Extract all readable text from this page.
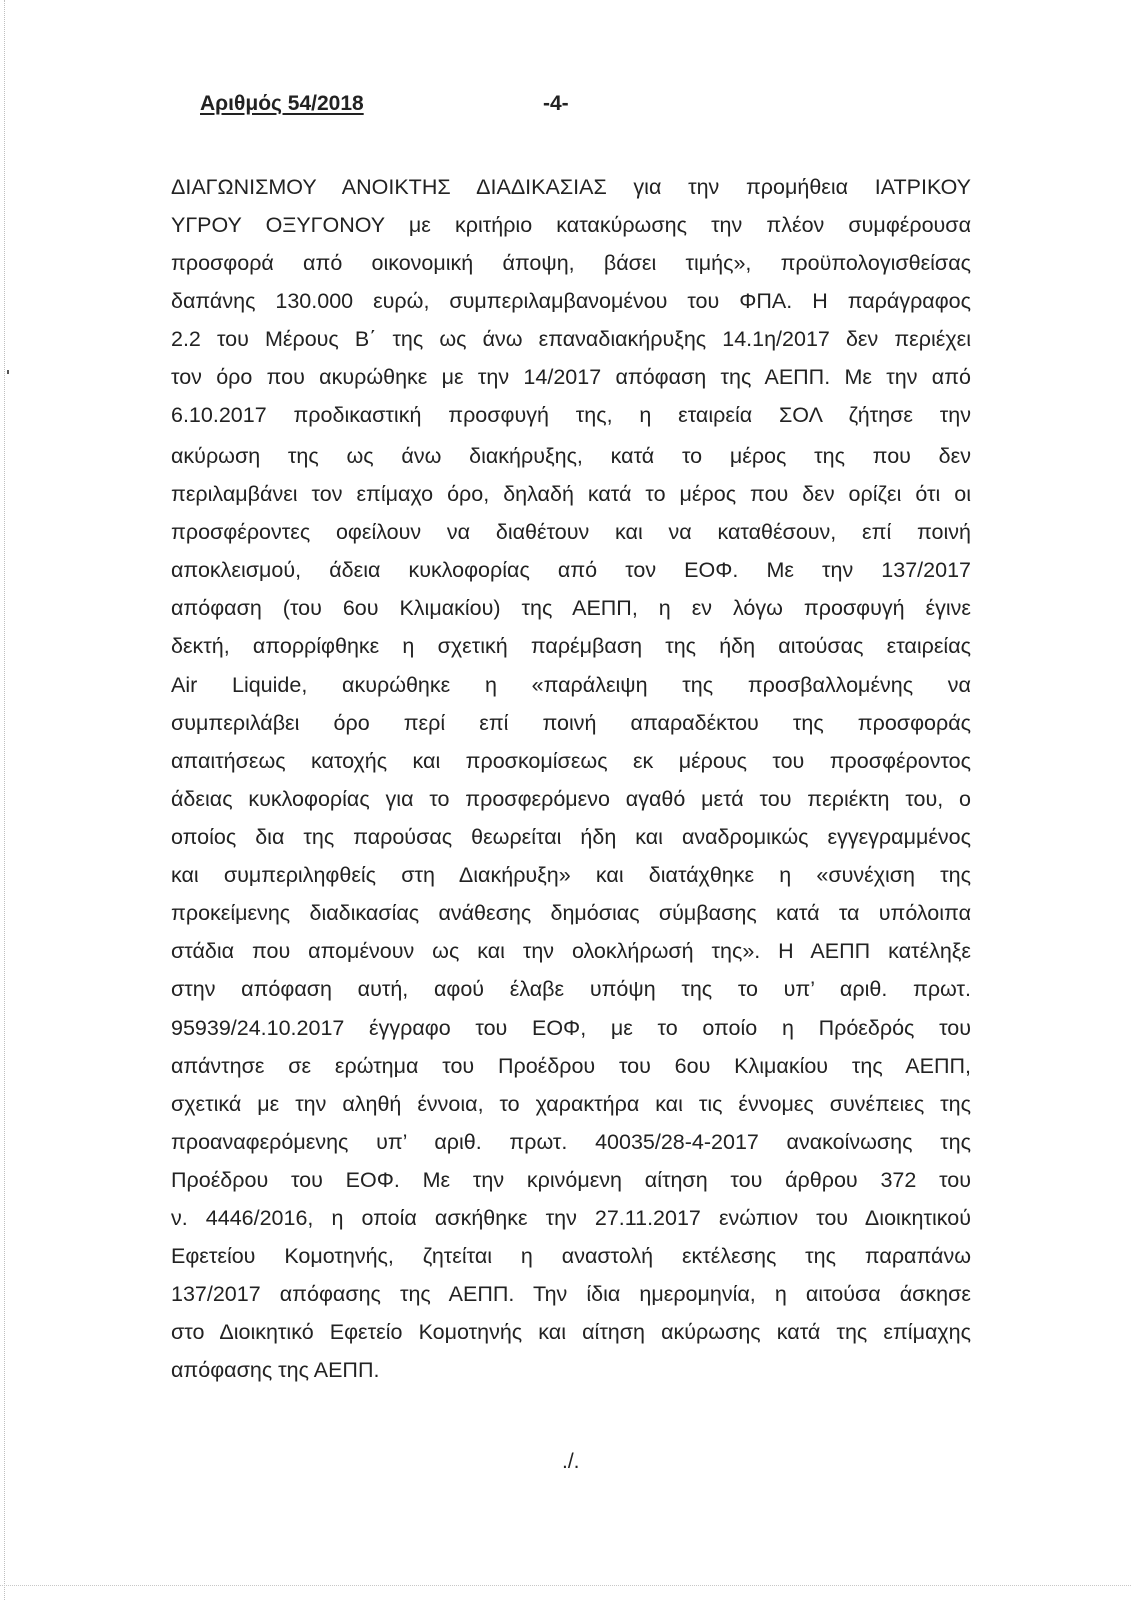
Αριθμός 54/2018	-4-
ΔΙΑΓΩΝΙΣΜΟΥ ΑΝΟΙΚΤΗΣ ΔΙΑΔΙΚΑΣΙΑΣ για την προμήθεια ΙΑΤΡΙΚΟΥ
ΥΓΡΟΥ ΟΞΥΓΟΝΟΥ με κριτήριο κατακύρωσης την πλέον συμφέρουσα
προσφορά από οικονομική άποψη, βάσει τιμής», προϋπολογισθείσας
δαπάνης 130.000 ευρώ, συμπεριλαμβανομένου του ΦΠΑ. Η παράγραφος
2.2 του Μέρους Β΄ της ως άνω επαναδιακήρυξης 14.1η/2017 δεν περιέχει
τον όρο που ακυρώθηκε με την 14/2017 απόφαση της ΑΕΠΠ. Με την από
6.10.2017 προδικαστική προσφυγή της, η εταιρεία ΣΟΛ ζήτησε την
ακύρωση της ως άνω διακήρυξης, κατά το μέρος της που δεν
περιλαμβάνει τον επίμαχο όρο, δηλαδή κατά το μέρος που δεν ορίζει ότι οι
προσφέροντες οφείλουν να διαθέτουν και να καταθέσουν, επί ποινή
αποκλεισμού, άδεια κυκλοφορίας από τον ΕΟΦ. Με την 137/2017
απόφαση (του 6ου Κλιμακίου) της ΑΕΠΠ, η εν λόγω προσφυγή έγινε
δεκτή, απορρίφθηκε η σχετική παρέμβαση της ήδη αιτούσας εταιρείας
Air Liquide, ακυρώθηκε η «παράλειψη της προσβαλλομένης να
συμπεριλάβει όρο περί επί ποινή απαραδέκτου της προσφοράς
απαιτήσεως κατοχής και προσκομίσεως εκ μέρους του προσφέροντος
άδειας κυκλοφορίας για το προσφερόμενο αγαθό μετά του περιέκτη του, ο
οποίος δια της παρούσας θεωρείται ήδη και αναδρομικώς εγγεγραμμένος
και συμπεριληφθείς στη Διακήρυξη» και διατάχθηκε η «συνέχιση της
προκείμενης διαδικασίας ανάθεσης δημόσιας σύμβασης κατά τα υπόλοιπα
στάδια που απομένουν ως και την ολοκλήρωσή της». Η ΑΕΠΠ κατέληξε
στην απόφαση αυτή, αφού έλαβε υπόψη της το υπ’ αριθ. πρωτ.
95939/24.10.2017 έγγραφο του ΕΟΦ, με το οποίο η Πρόεδρός του
απάντησε σε ερώτημα του Προέδρου του 6ου Κλιμακίου της ΑΕΠΠ,
σχετικά με την αληθή έννοια, το χαρακτήρα και τις έννομες συνέπειες της
προαναφερόμενης υπ’ αριθ. πρωτ. 40035/28-4-2017 ανακοίνωσης της
Προέδρου του ΕΟΦ. Με την κρινόμενη αίτηση του άρθρου 372 του
ν. 4446/2016, η οποία ασκήθηκε την 27.11.2017 ενώπιον του Διοικητικού
Εφετείου Κομοτηνής, ζητείται η αναστολή εκτέλεσης της παραπάνω
137/2017 απόφασης της ΑΕΠΠ. Την ίδια ημερομηνία, η αιτούσα άσκησε
στο Διοικητικό Εφετείο Κομοτηνής και αίτηση ακύρωσης κατά της επίμαχης
απόφασης της ΑΕΠΠ.
./.
